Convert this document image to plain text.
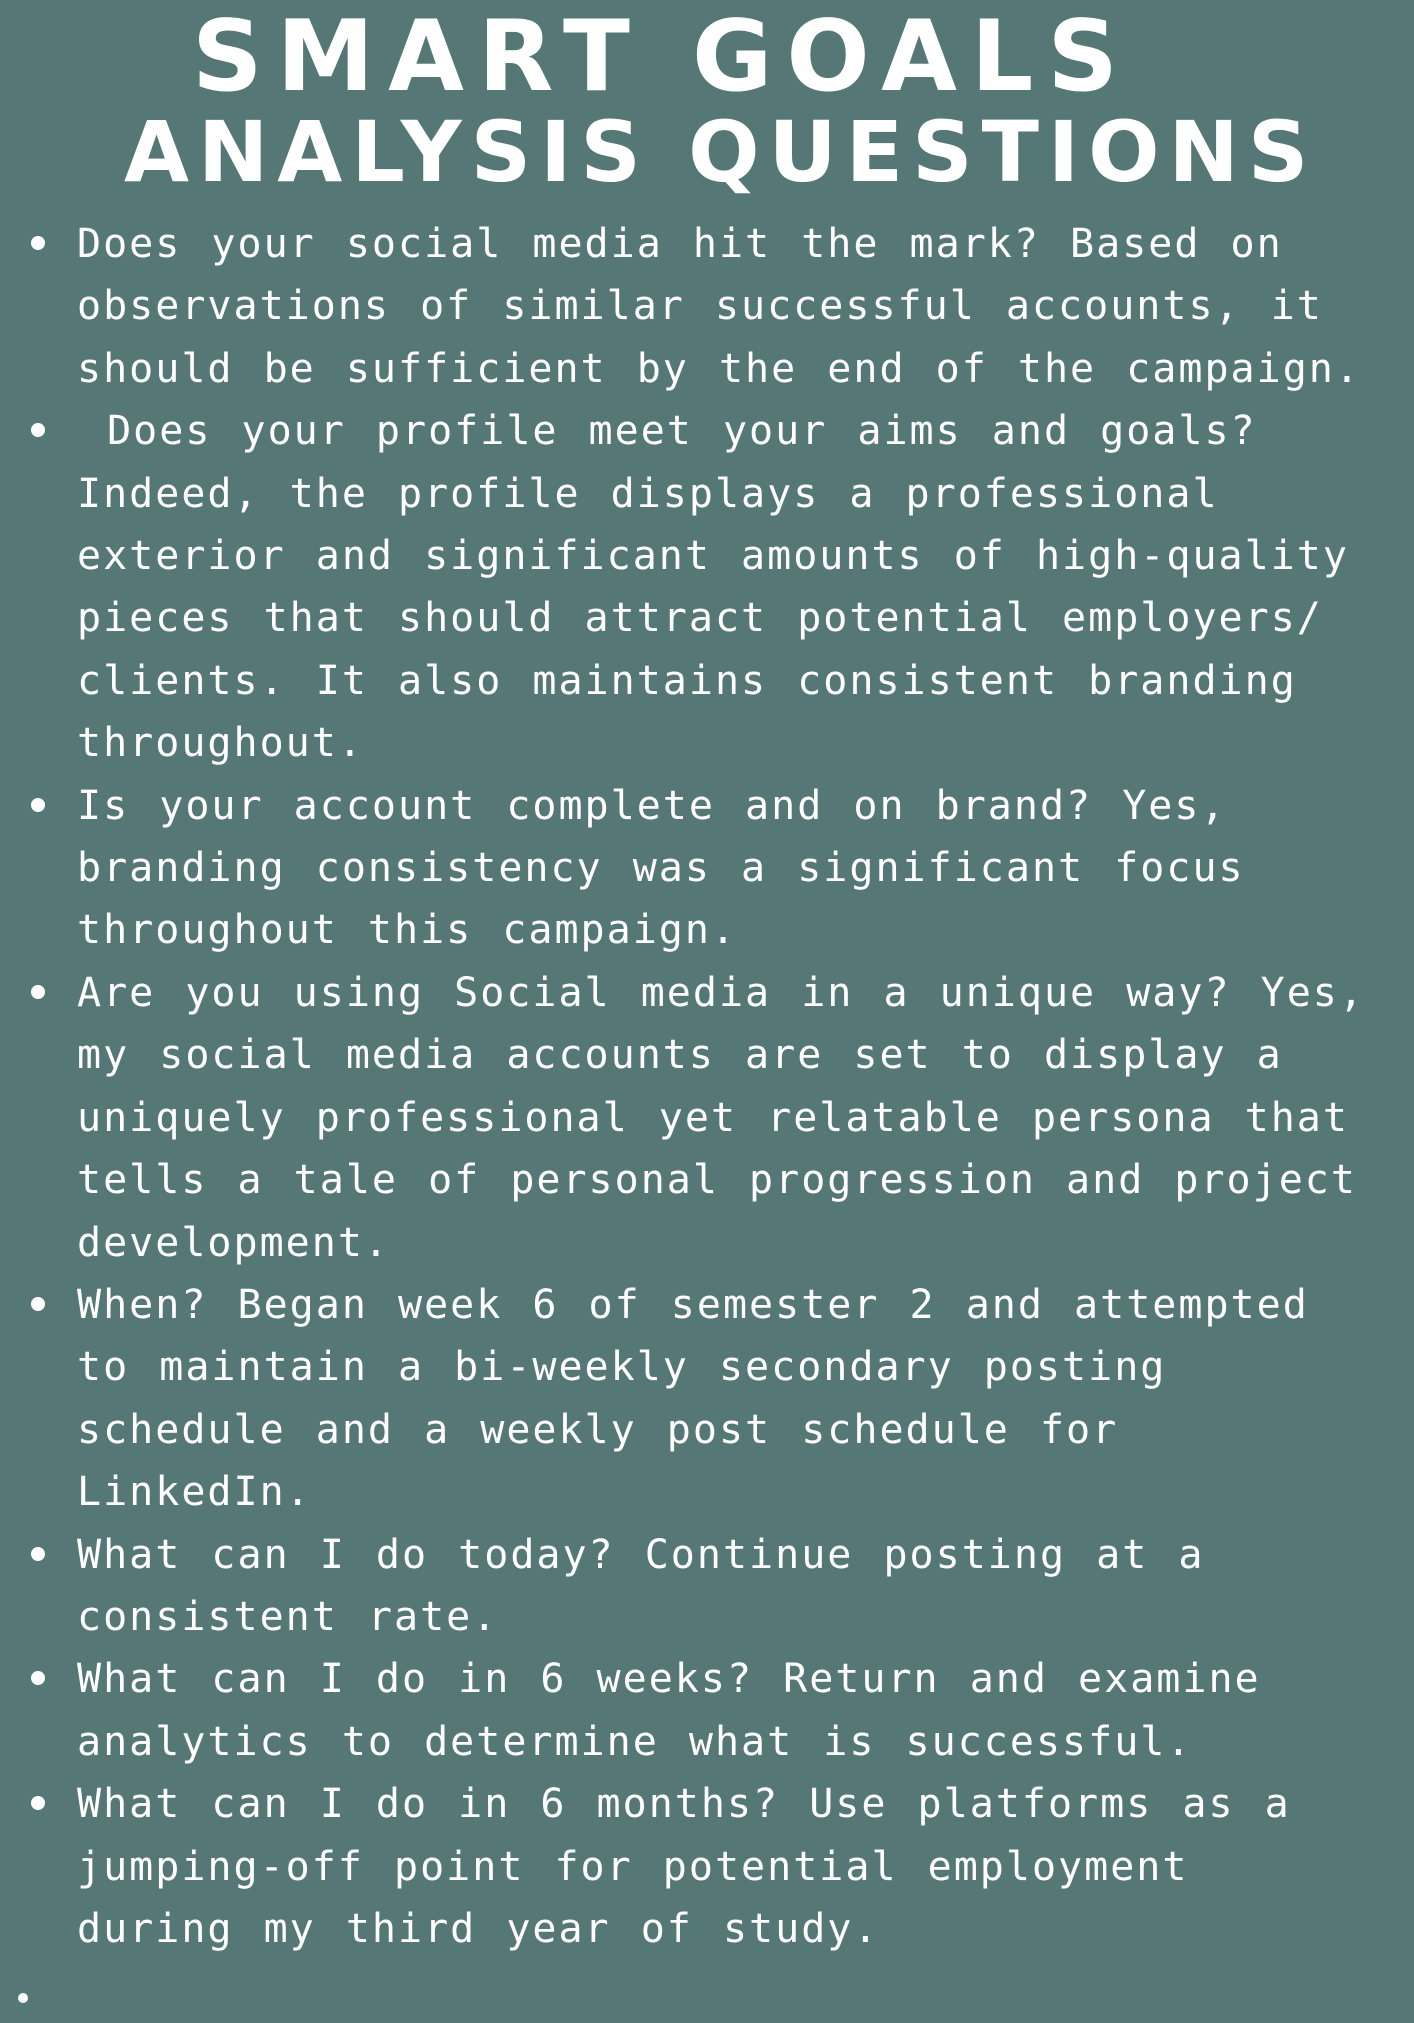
SMART GOALS
ANALYSIS QUESTIONS
Does your social media hit the mark? Based on
observations of similar successful accounts, it
should be sufficient by the end of the campaign.
Does your profile meet your aims and goals?
Indeed, the profile displays a professional
exterior and significant amounts of high-quality
pieces that should attract potential employers/
clients. It also maintains consistent branding
throughout.
Is your account complete and on brand? Yes,
branding consistency was a significant focus
throughout this campaign.
Are you using Social media in a unique way? Yes,
my social media accounts are set to display a
uniquely professional yet relatable persona that
tells a tale of personal progression and project
development.
When? Began week 6 of semester 2 and attempted
to maintain a bi-weekly secondary posting
schedule and a weekly post schedule for
LinkedIn.
What can I do today? Continue posting at a
consistent rate.
What can I do in 6 weeks? Return and examine
analytics to determine what is successful.
What can I do in 6 months? Use platforms as a
jumping-off point for potential employment
during my third year of study.
